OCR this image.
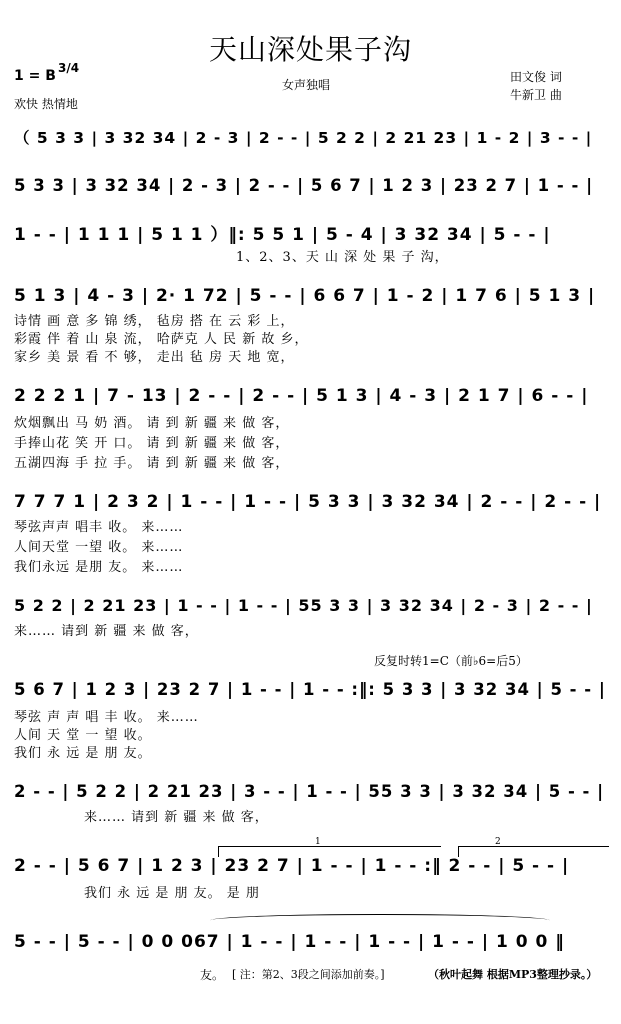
天山深处果子沟
1 = B 3/4
欢快 热情地
女声独唱
田文俊 词
牛新卫 曲
（ 5 3 3 | 3 32 34 | 2 - 3 | 2 - - | 5 2 2 | 2 21 23 | 1 - 2 | 3 - - |
5 3 3 | 3 32 34 | 2 - 3 | 2 - - | 5 6 7 | 1 2 3 | 23 2 7 | 1 - - |
1 - - | 1 1 1 | 5 1 1 ）‖: 5 5 1 | 5 - 4 | 3 32 34 | 5 - - |
1、2、3、天 山 深 处 果 子 沟，
5 1 3 | 4 - 3 | 2· 1 72 | 5 - - | 6 6 7 | 1 - 2 | 1 7 6 | 5 1 3 |
诗情 画 意 多 锦 绣， 毡房 搭 在 云 彩 上，
彩霞 伴 着 山 泉 流， 哈萨克 人 民 新 故 乡，
家乡 美 景 看 不 够， 走出 毡 房 天 地 宽，
2 2 2 1 | 7 - 13 | 2 - - | 2 - - | 5 1 3 | 4 - 3 | 2 1 7 | 6 - - |
炊烟飘出 马 奶 酒。 请 到 新 疆 来 做 客，
手捧山花 笑 开 口。 请 到 新 疆 来 做 客，
五湖四海 手 拉 手。 请 到 新 疆 来 做 客，
7 7 7 1 | 2 3 2 | 1 - - | 1 - - | 5 3 3 | 3 32 34 | 2 - - | 2 - - |
琴弦声声 唱丰 收。 来……
人间天堂 一望 收。 来……
我们永远 是朋 友。 来……
5 2 2 | 2 21 23 | 1 - - | 1 - - | 55 3 3 | 3 32 34 | 2 - 3 | 2 - - |
来…… 请到 新 疆 来 做 客，
反复时转1=C（前♭6=后5）
5 6 7 | 1 2 3 | 23 2 7 | 1 - - | 1 - - :‖: 5 3 3 | 3 32 34 | 5 - - |
琴弦 声 声 唱 丰 收。 来……
人间 天 堂 一 望 收。
我们 永 远 是 朋 友。
2 - - | 5 2 2 | 2 21 23 | 3 - - | 1 - - | 55 3 3 | 3 32 34 | 5 - - |
来…… 请到 新 疆 来 做 客，
1	2
2 - - | 5 6 7 | 1 2 3 | 23 2 7 | 1 - - | 1 - - :‖ 2 - - | 5 - - |
我们 永 远 是 朋 友。 是 朋
5 - - | 5 - - | 0 0 067 | 1 - - | 1 - - | 1 - - | 1 - - | 1 0 0 ‖
友。 [ 注：第2、3段之间添加前奏。]	（秋叶起舞 根据MP3整理抄录。）
